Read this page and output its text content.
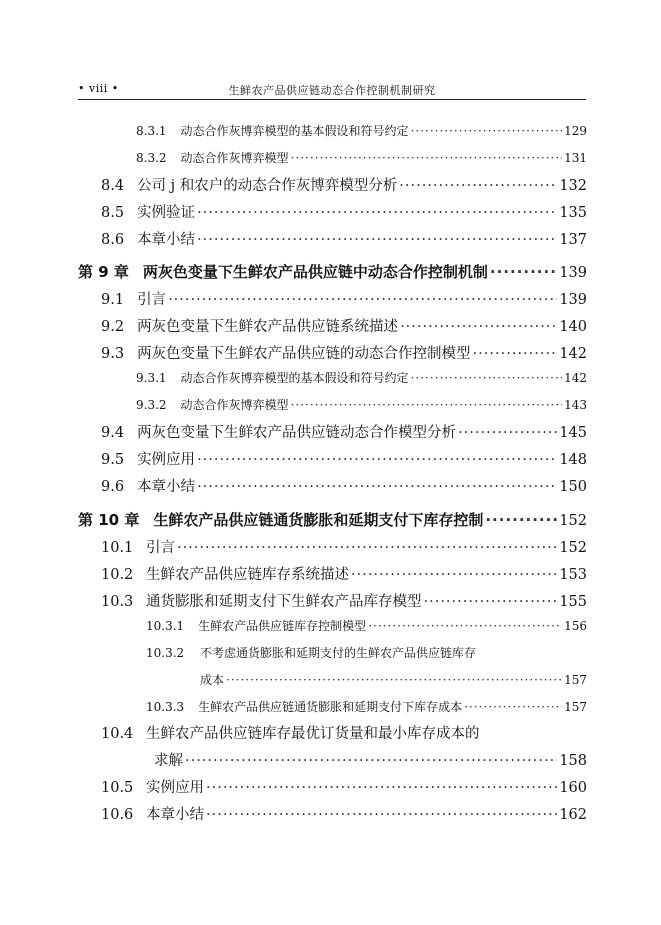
• viii •	生鲜农产品供应链动态合作控制机制研究
8.3.1 动态合作灰博弈模型的基本假设和符号约定 ·····	129
8.3.2 动态合作灰博弈模型 ·····	131
8.4 公司 j 和农户的动态合作灰博弈模型分析 ·····	132
8.5 实例验证 ·····	135
8.6 本章小结 ·····	137
第 9 章 两灰色变量下生鲜农产品供应链中动态合作控制机制 ·····	139
9.1 引言 ·····	139
9.2 两灰色变量下生鲜农产品供应链系统描述 ·····	140
9.3 两灰色变量下生鲜农产品供应链的动态合作控制模型 ·····	142
9.3.1 动态合作灰博弈模型的基本假设和符号约定 ·····	142
9.3.2 动态合作灰博弈模型 ·····	143
9.4 两灰色变量下生鲜农产品供应链动态合作模型分析 ·····	145
9.5 实例应用 ·····	148
9.6 本章小结 ·····	150
第 10 章 生鲜农产品供应链通货膨胀和延期支付下库存控制 ·····	152
10.1 引言 ·····	152
10.2 生鲜农产品供应链库存系统描述 ·····	153
10.3 通货膨胀和延期支付下生鲜农产品库存模型 ·····	155
10.3.1 生鲜农产品供应链库存控制模型 ·····	156
10.3.2 不考虑通货膨胀和延期支付的生鲜农产品供应链库存
成本 ·····	157
10.3.3 生鲜农产品供应链通货膨胀和延期支付下库存成本 ·····	157
10.4 生鲜农产品供应链库存最优订货量和最小库存成本的
求解 ·····	158
10.5 实例应用 ·····	160
10.6 本章小结 ·····	162
